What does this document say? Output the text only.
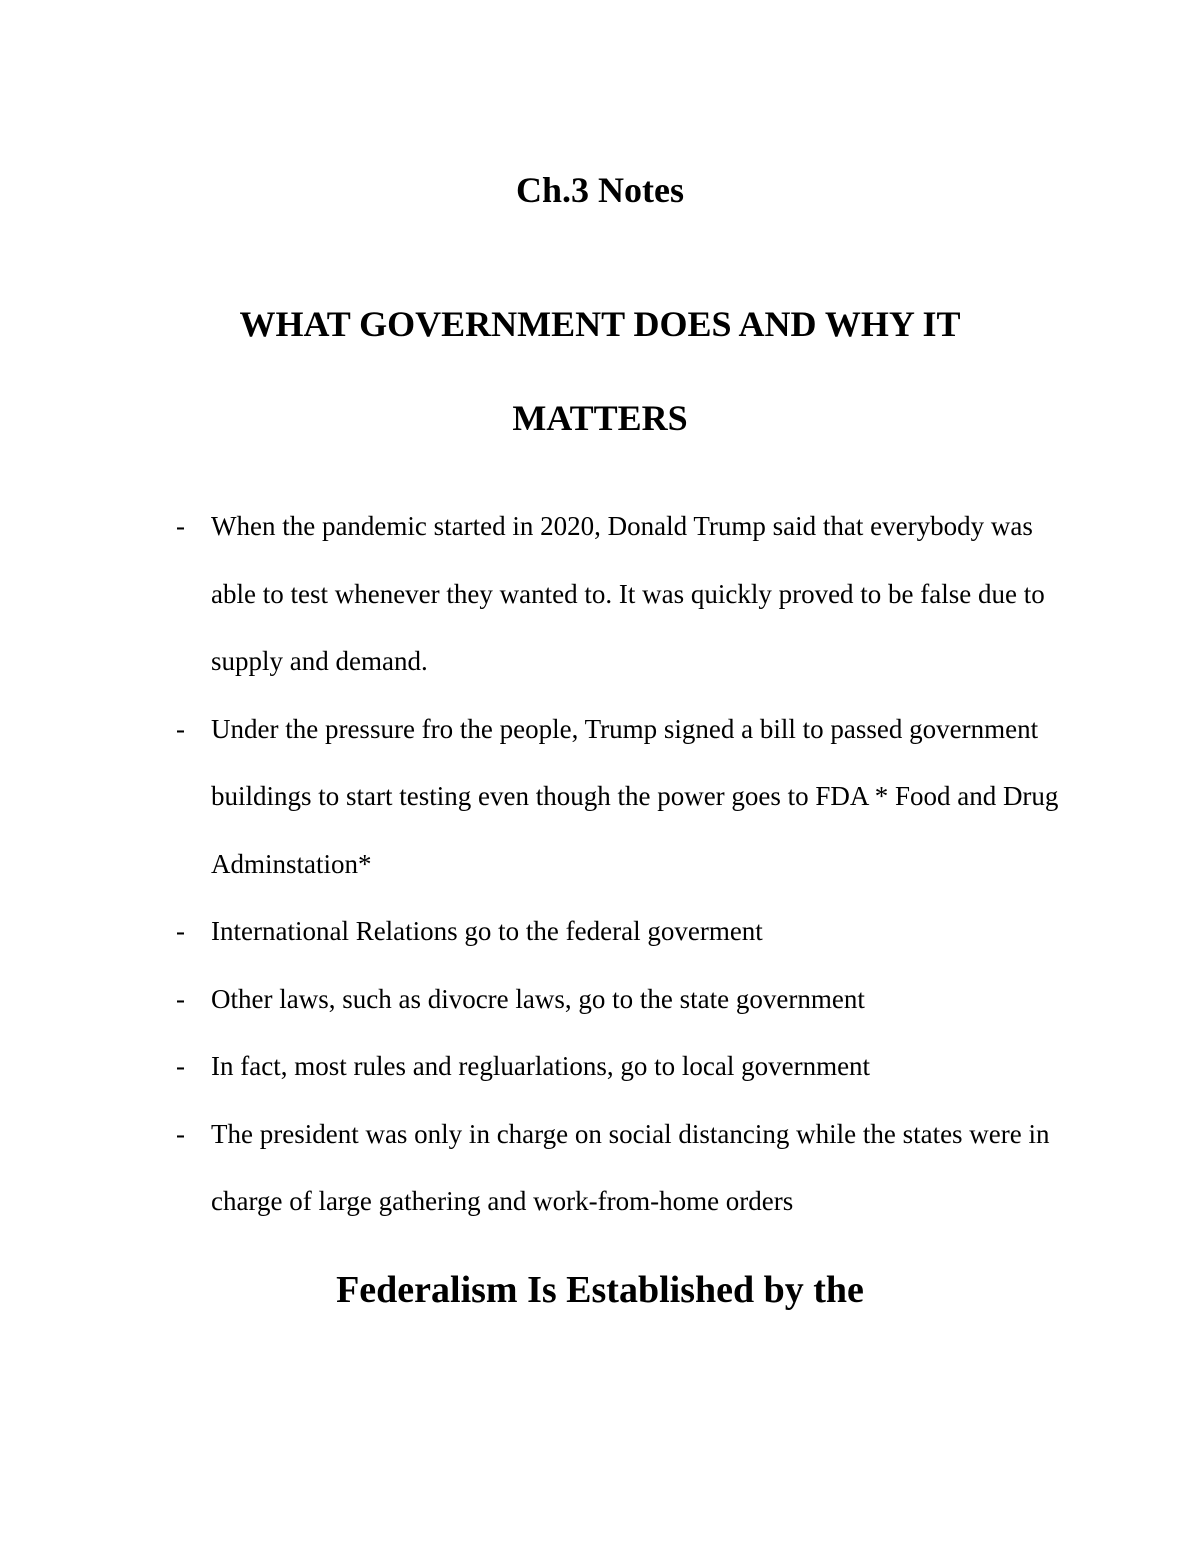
Ch.3 Notes
WHAT GOVERNMENT DOES AND WHY IT MATTERS
- When the pandemic started in 2020, Donald Trump said that everybody was able to test whenever they wanted to. It was quickly proved to be false due to supply and demand.
- Under the pressure fro the people, Trump signed a bill to passed government buildings to start testing even though the power goes to FDA * Food and Drug Adminstation*
- International Relations go to the federal goverment
- Other laws, such as divocre laws, go to the state government
- In fact, most rules and regluarlations, go to local government
- The president was only in charge on social distancing while the states were in charge of large gathering and work-from-home orders
Federalism Is Established by the
